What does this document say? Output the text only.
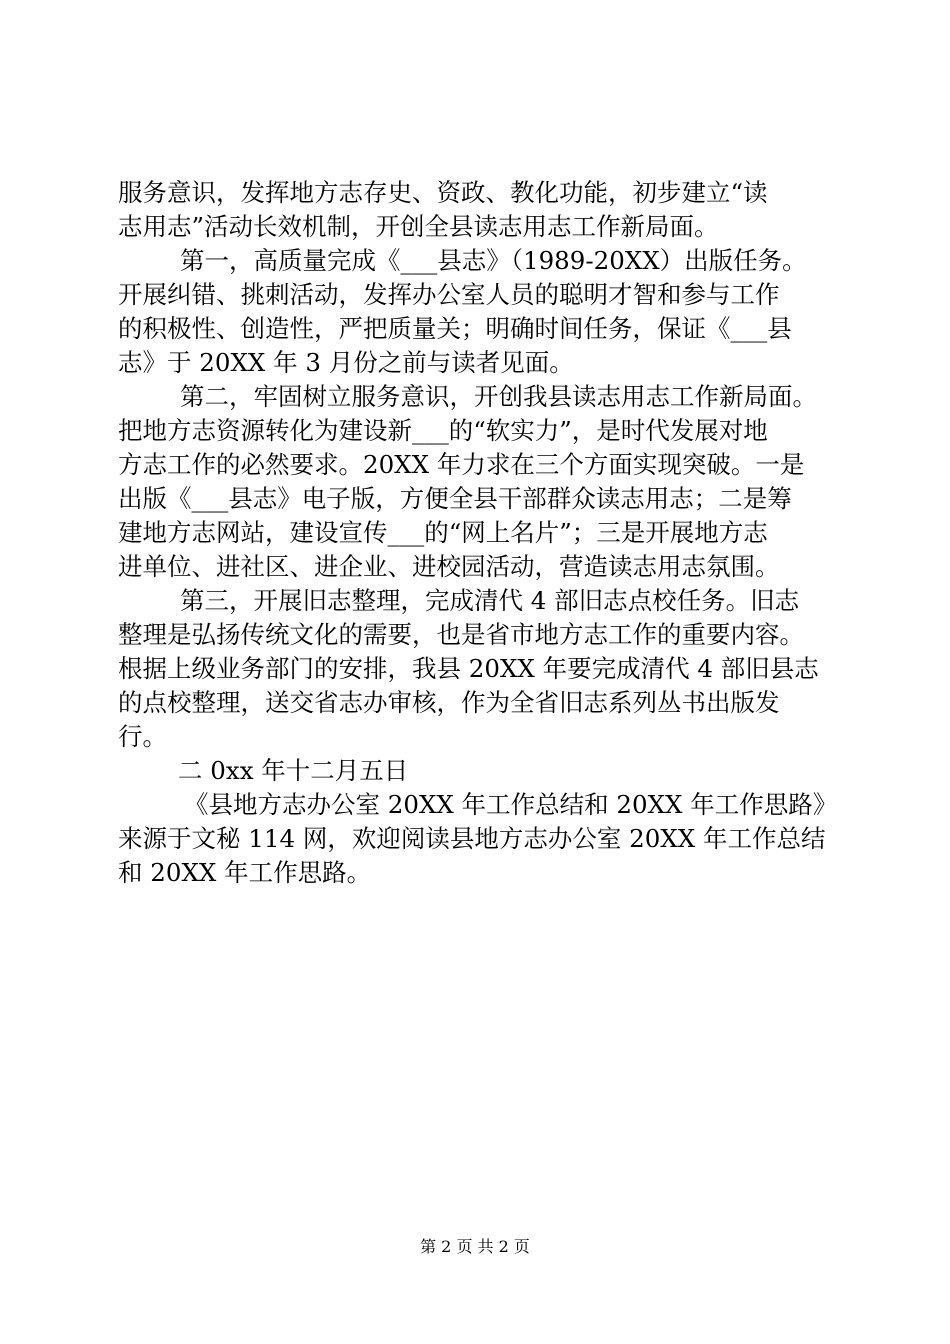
服务意识，发挥地方志存史、资政、教化功能，初步建立“读
志用志”活动长效机制，开创全县读志用志工作新局面。
第一，高质量完成《___县志》（1989-20XX）出版任务。
开展纠错、挑刺活动，发挥办公室人员的聪明才智和参与工作
的积极性、创造性，严把质量关；明确时间任务，保证《___县
志》于 20XX 年 3 月份之前与读者见面。
第二，牢固树立服务意识，开创我县读志用志工作新局面。
把地方志资源转化为建设新___的“软实力”，是时代发展对地
方志工作的必然要求。20XX 年力求在三个方面实现突破。一是
出版《___县志》电子版，方便全县干部群众读志用志；二是筹
建地方志网站，建设宣传___的“网上名片”；三是开展地方志
进单位、进社区、进企业、进校园活动，营造读志用志氛围。
第三，开展旧志整理，完成清代 4 部旧志点校任务。旧志
整理是弘扬传统文化的需要，也是省市地方志工作的重要内容。
根据上级业务部门的安排，我县 20XX 年要完成清代 4 部旧县志
的点校整理，送交省志办审核，作为全省旧志系列丛书出版发
行。
二 0xx 年十二月五日
《县地方志办公室 20XX 年工作总结和 20XX 年工作思路》
来源于文秘 114 网，欢迎阅读县地方志办公室 20XX 年工作总结
和 20XX 年工作思路。
第 2 页 共 2 页
